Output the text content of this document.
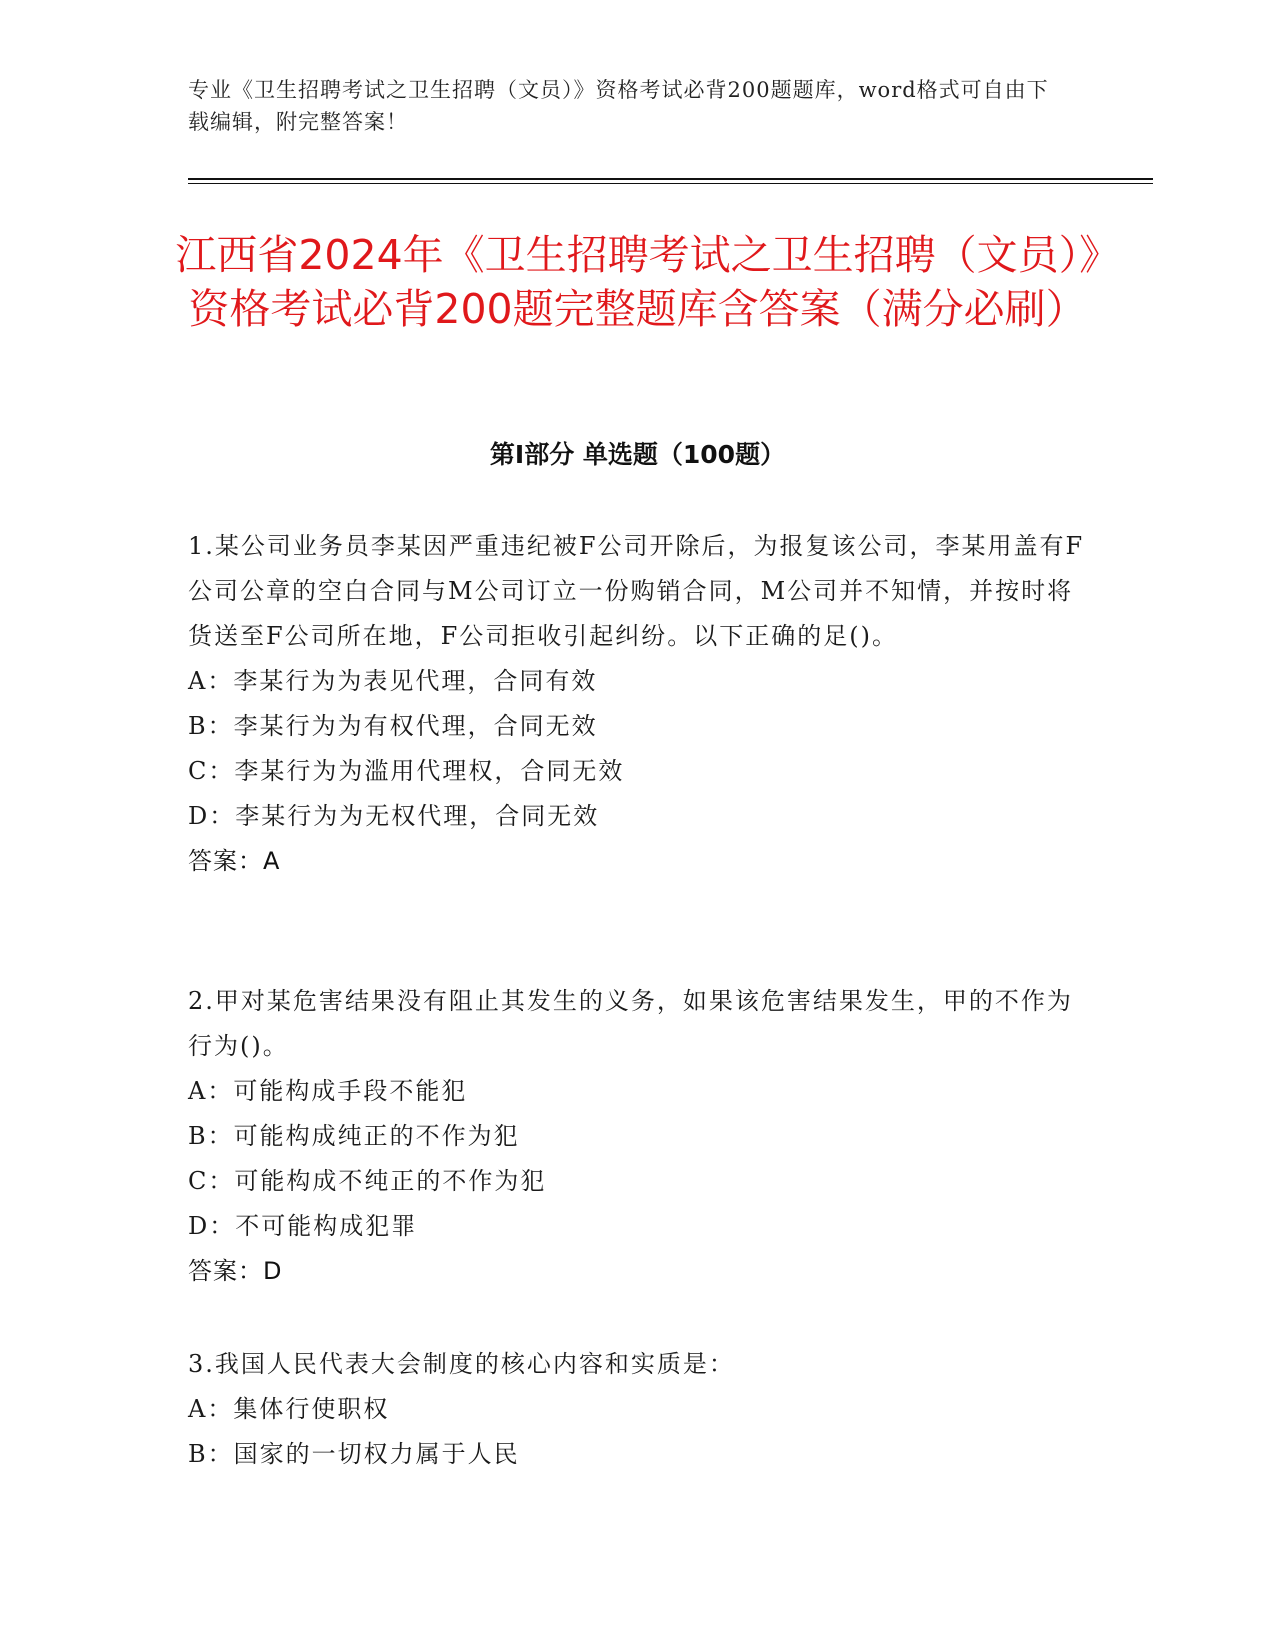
专业《卫生招聘考试之卫生招聘（文员）》资格考试必背200题题库，word格式可自由下载编辑，附完整答案！
江西省2024年《卫生招聘考试之卫生招聘（文员）》资格考试必背200题完整题库含答案（满分必刷）
第I部分 单选题（100题）

1.某公司业务员李某因严重违纪被F公司开除后，为报复该公司，李某用盖有F公司公章的空白合同与M公司订立一份购销合同，M公司并不知情，并按时将货送至F公司所在地，F公司拒收引起纠纷。以下正确的足()。

A：李某行为为表见代理，合同有效

B：李某行为为有权代理，合同无效

C：李某行为为滥用代理权，合同无效

D：李某行为为无权代理，合同无效

答案：A

2.甲对某危害结果没有阻止其发生的义务，如果该危害结果发生，甲的不作为行为()。

A：可能构成手段不能犯

B：可能构成纯正的不作为犯

C：可能构成不纯正的不作为犯

D：不可能构成犯罪

答案：D

3.我国人民代表大会制度的核心内容和实质是：

A：集体行使职权

B：国家的一切权力属于人民
